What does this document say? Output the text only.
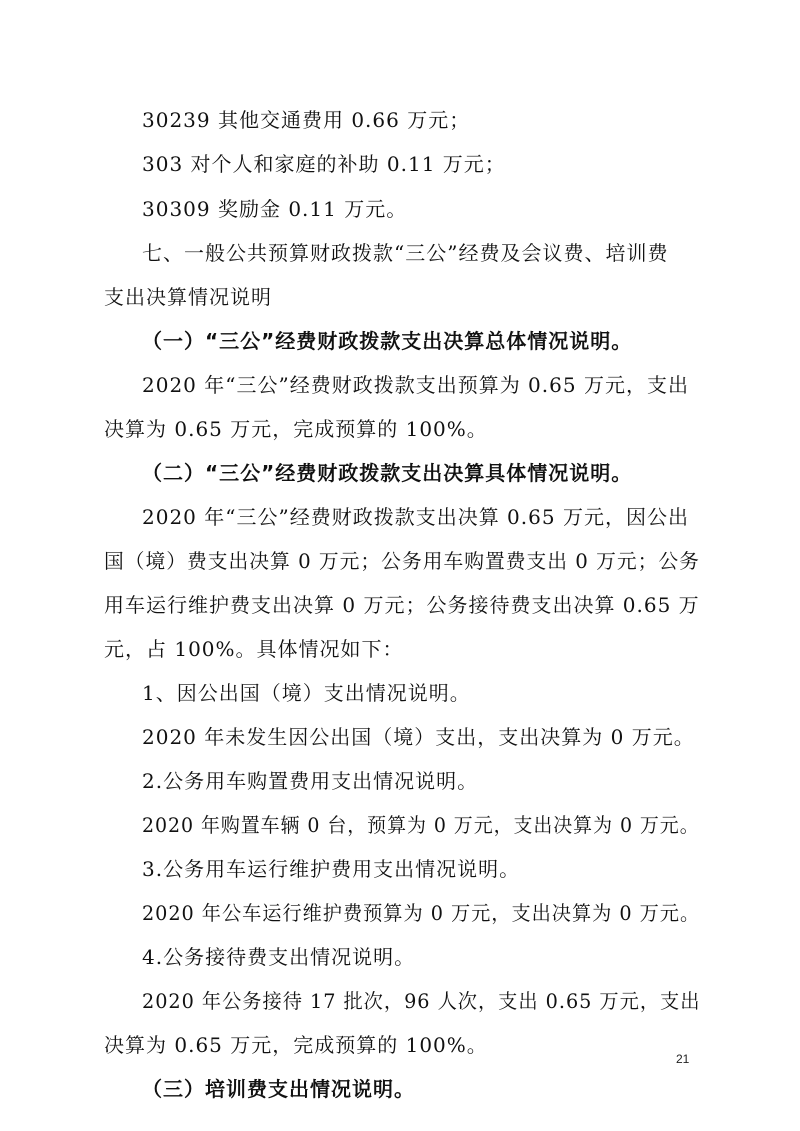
30239 其他交通费用 0.66 万元；
303 对个人和家庭的补助 0.11 万元；
30309 奖励金 0.11 万元。
七、一般公共预算财政拨款“三公”经费及会议费、培训费
支出决算情况说明
（一）“三公”经费财政拨款支出决算总体情况说明。
2020 年“三公”经费财政拨款支出预算为 0.65 万元，支出
决算为 0.65 万元，完成预算的 100%。
（二）“三公”经费财政拨款支出决算具体情况说明。
2020 年“三公”经费财政拨款支出决算 0.65 万元，因公出
国（境）费支出决算 0 万元；公务用车购置费支出 0 万元；公务
用车运行维护费支出决算 0 万元；公务接待费支出决算 0.65 万
元，占 100%。具体情况如下：
1、因公出国（境）支出情况说明。
2020 年未发生因公出国（境）支出，支出决算为 0 万元。
2.公务用车购置费用支出情况说明。
2020 年购置车辆 0 台，预算为 0 万元，支出决算为 0 万元。
3.公务用车运行维护费用支出情况说明。
2020 年公车运行维护费预算为 0 万元，支出决算为 0 万元。
4.公务接待费支出情况说明。
2020 年公务接待 17 批次，96 人次，支出 0.65 万元，支出
决算为 0.65 万元，完成预算的 100%。
（三）培训费支出情况说明。
21
